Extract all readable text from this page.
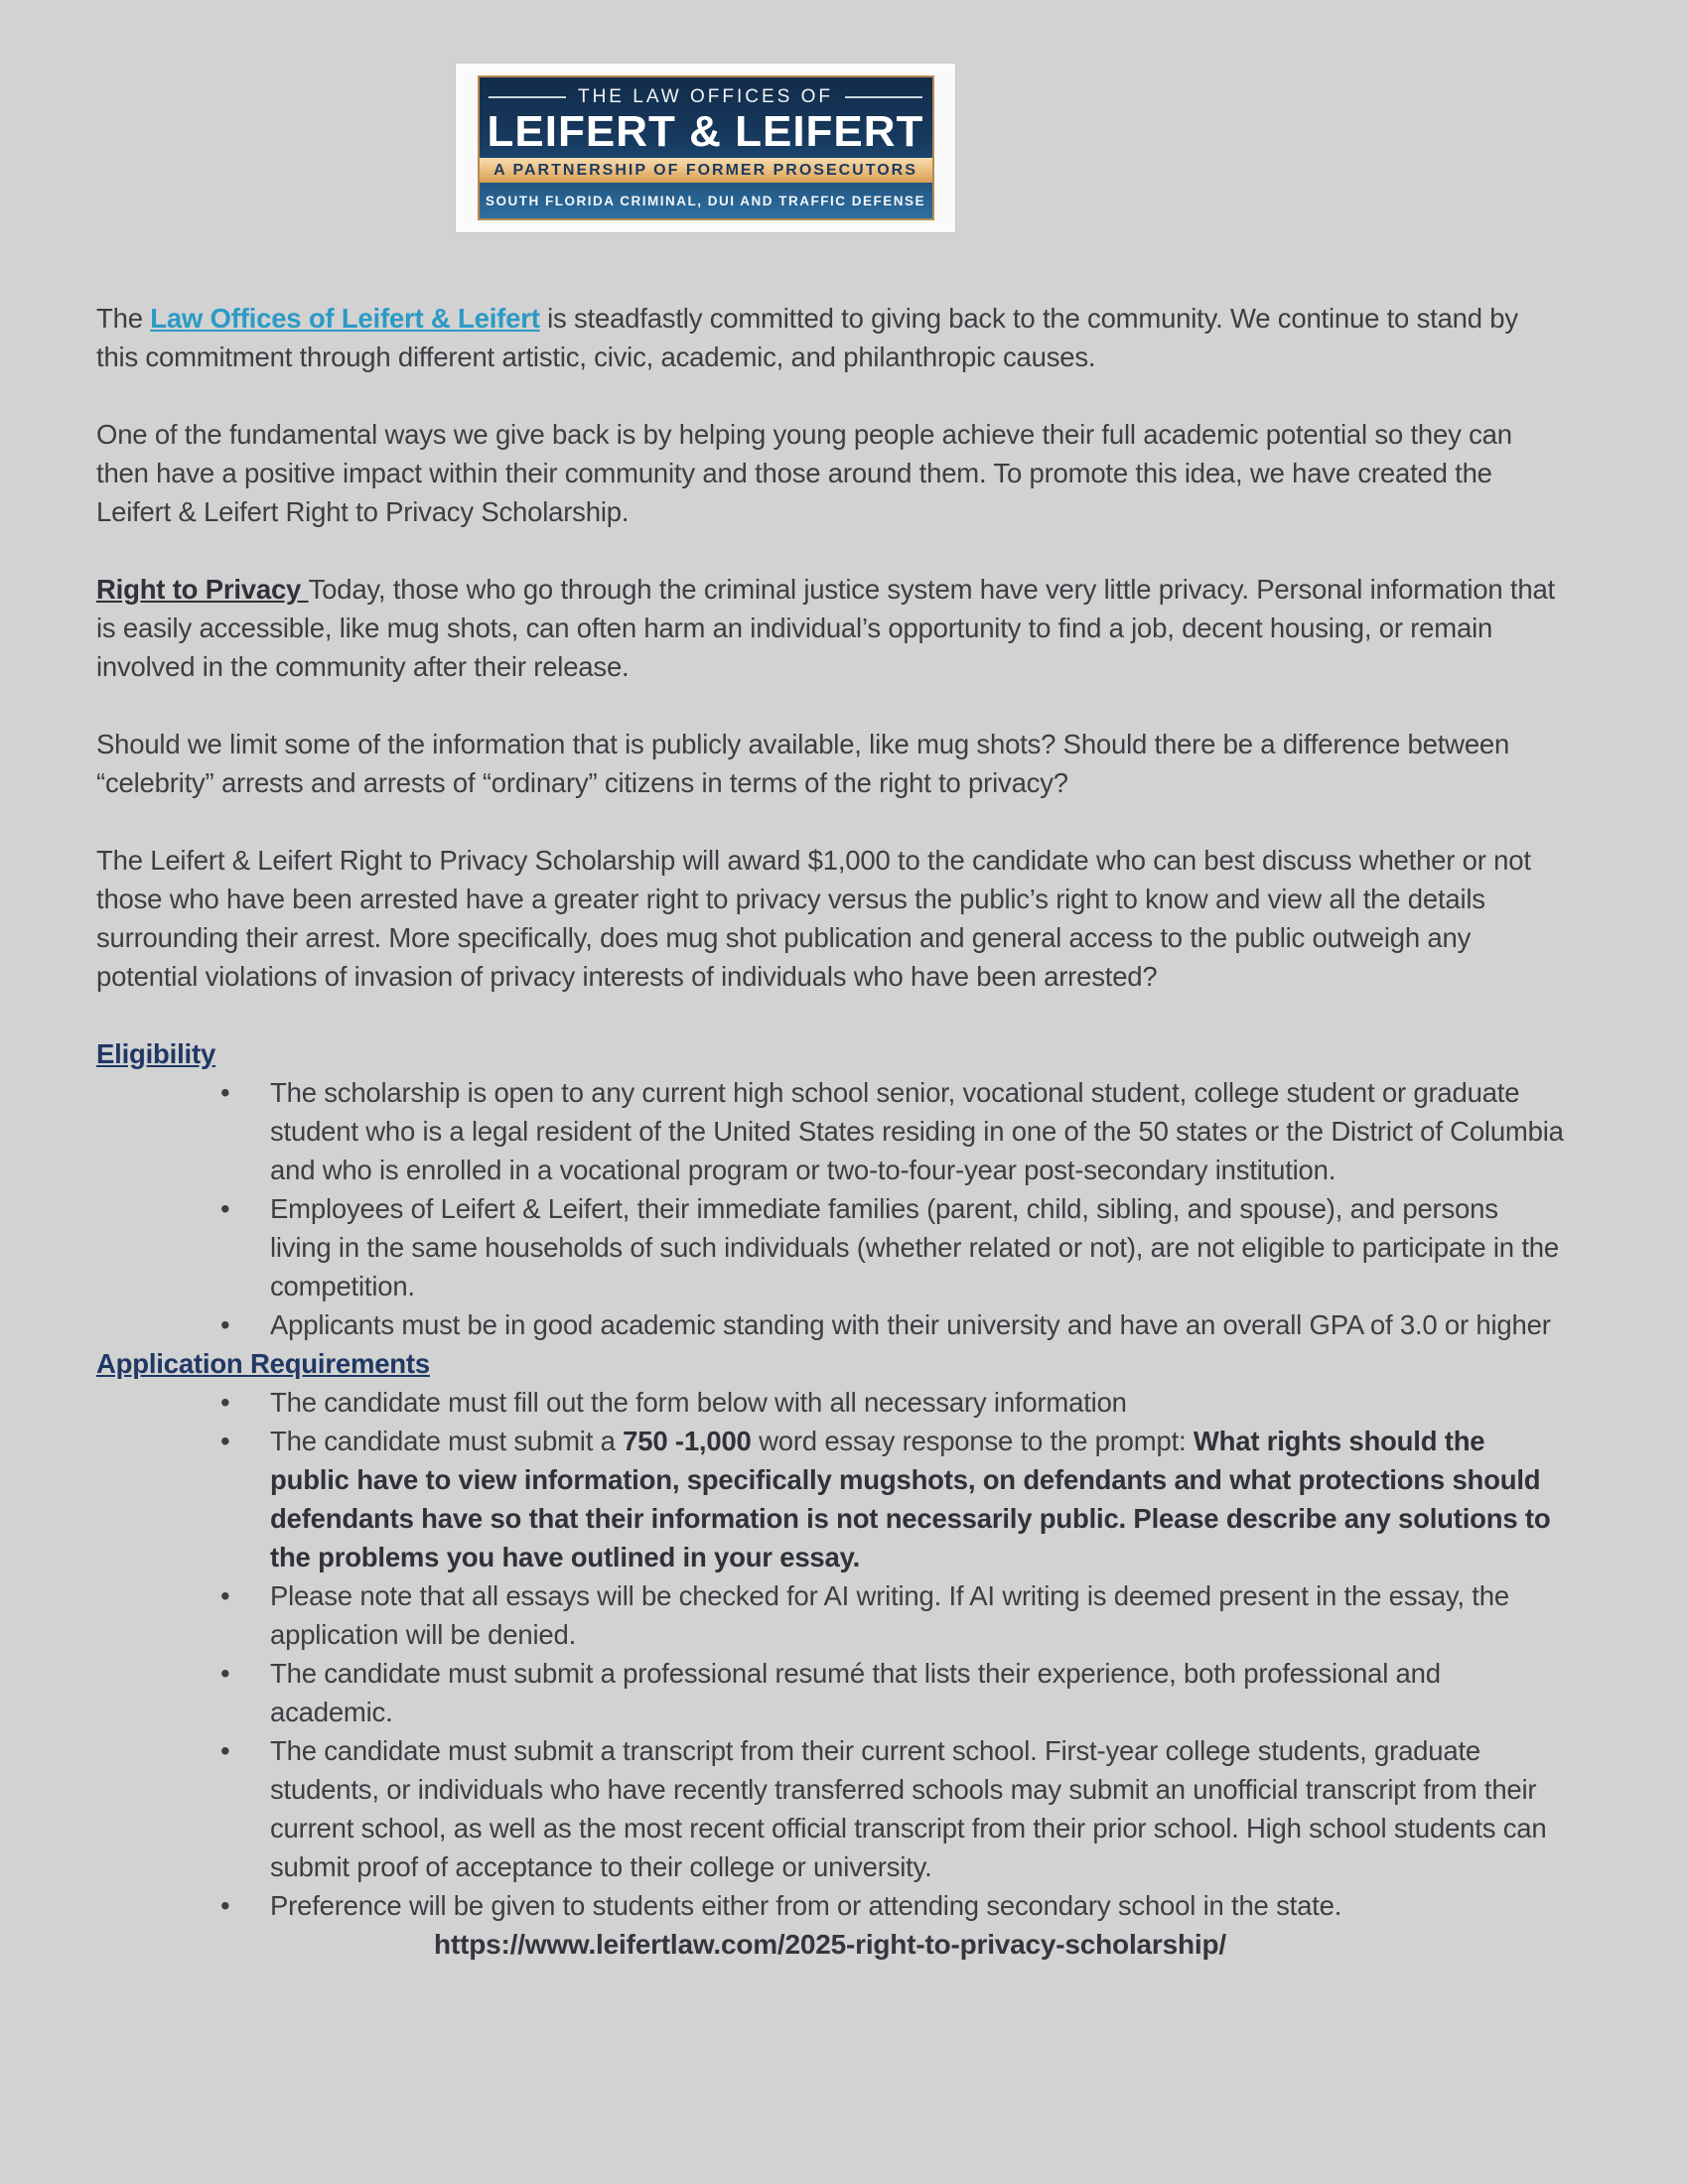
THE LAW OFFICES OF
LEIFERT & LEIFERT
A PARTNERSHIP OF FORMER PROSECUTORS
SOUTH FLORIDA CRIMINAL, DUI AND TRAFFIC DEFENSE

The Law Offices of Leifert & Leifert is steadfastly committed to giving back to the community. We continue to stand by this commitment through different artistic, civic, academic, and philanthropic causes.

One of the fundamental ways we give back is by helping young people achieve their full academic potential so they can then have a positive impact within their community and those around them. To promote this idea, we have created the Leifert & Leifert Right to Privacy Scholarship.

Right to Privacy Today, those who go through the criminal justice system have very little privacy. Personal information that is easily accessible, like mug shots, can often harm an individual’s opportunity to find a job, decent housing, or remain involved in the community after their release.

Should we limit some of the information that is publicly available, like mug shots? Should there be a difference between “celebrity” arrests and arrests of “ordinary” citizens in terms of the right to privacy?

The Leifert & Leifert Right to Privacy Scholarship will award $1,000 to the candidate who can best discuss whether or not those who have been arrested have a greater right to privacy versus the public’s right to know and view all the details surrounding their arrest. More specifically, does mug shot publication and general access to the public outweigh any potential violations of invasion of privacy interests of individuals who have been arrested?

Eligibility
•	The scholarship is open to any current high school senior, vocational student, college student or graduate student who is a legal resident of the United States residing in one of the 50 states or the District of Columbia and who is enrolled in a vocational program or two-to-four-year post-secondary institution.
•	Employees of Leifert & Leifert, their immediate families (parent, child, sibling, and spouse), and persons living in the same households of such individuals (whether related or not), are not eligible to participate in the competition.
•	Applicants must be in good academic standing with their university and have an overall GPA of 3.0 or higher
Application Requirements
•	The candidate must fill out the form below with all necessary information
•	The candidate must submit a 750 -1,000 word essay response to the prompt: What rights should the public have to view information, specifically mugshots, on defendants and what protections should defendants have so that their information is not necessarily public. Please describe any solutions to the problems you have outlined in your essay.
•	Please note that all essays will be checked for AI writing. If AI writing is deemed present in the essay, the application will be denied.
•	The candidate must submit a professional resumé that lists their experience, both professional and academic.
•	The candidate must submit a transcript from their current school. First-year college students, graduate students, or individuals who have recently transferred schools may submit an unofficial transcript from their current school, as well as the most recent official transcript from their prior school. High school students can submit proof of acceptance to their college or university.
•	Preference will be given to students either from or attending secondary school in the state.

https://www.leifertlaw.com/2025-right-to-privacy-scholarship/
